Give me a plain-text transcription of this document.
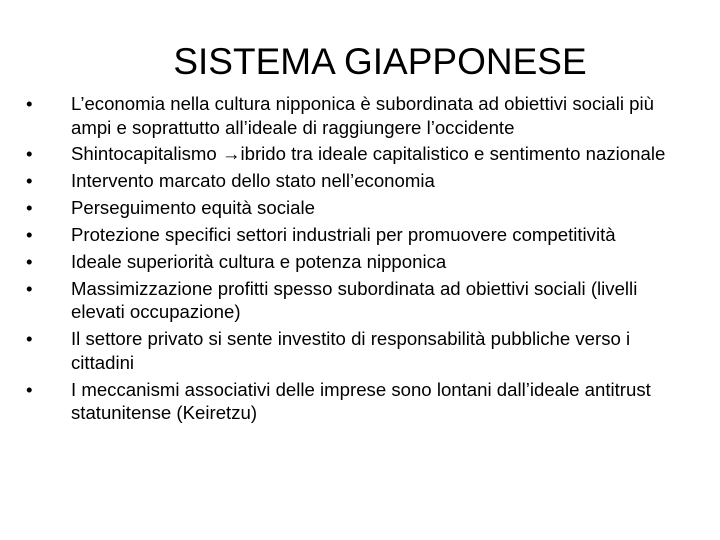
SISTEMA GIAPPONESE
•	L’economia nella cultura nipponica è subordinata ad obiettivi sociali più ampi e soprattutto all’ideale di raggiungere l’occidente
•	Shintocapitalismo →ibrido tra ideale capitalistico e sentimento nazionale
•	Intervento marcato dello stato nell’economia
•	Perseguimento equità sociale
•	Protezione specifici settori industriali per promuovere competitività
•	Ideale superiorità cultura e potenza nipponica
•	Massimizzazione profitti spesso subordinata ad obiettivi sociali (livelli elevati occupazione)
•	Il settore privato si sente investito di responsabilità pubbliche verso i cittadini
•	I meccanismi associativi delle imprese sono lontani dall’ideale antitrust statunitense (Keiretzu)
